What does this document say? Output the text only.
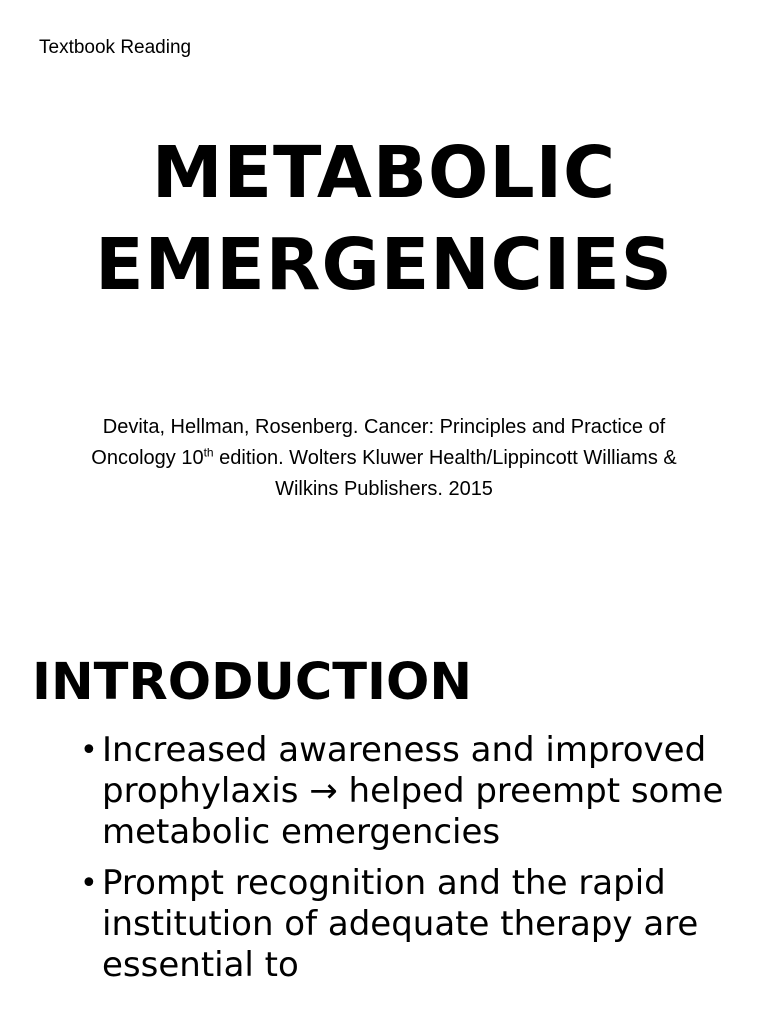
Textbook Reading
METABOLIC
EMERGENCIES
Devita, Hellman, Rosenberg. Cancer: Principles and Practice of Oncology 10th edition. Wolters Kluwer Health/Lippincott Williams & Wilkins Publishers. 2015
INTRODUCTION
• Increased awareness and improved prophylaxis → helped preempt some metabolic emergencies
• Prompt recognition and the rapid institution of adequate therapy are essential to
